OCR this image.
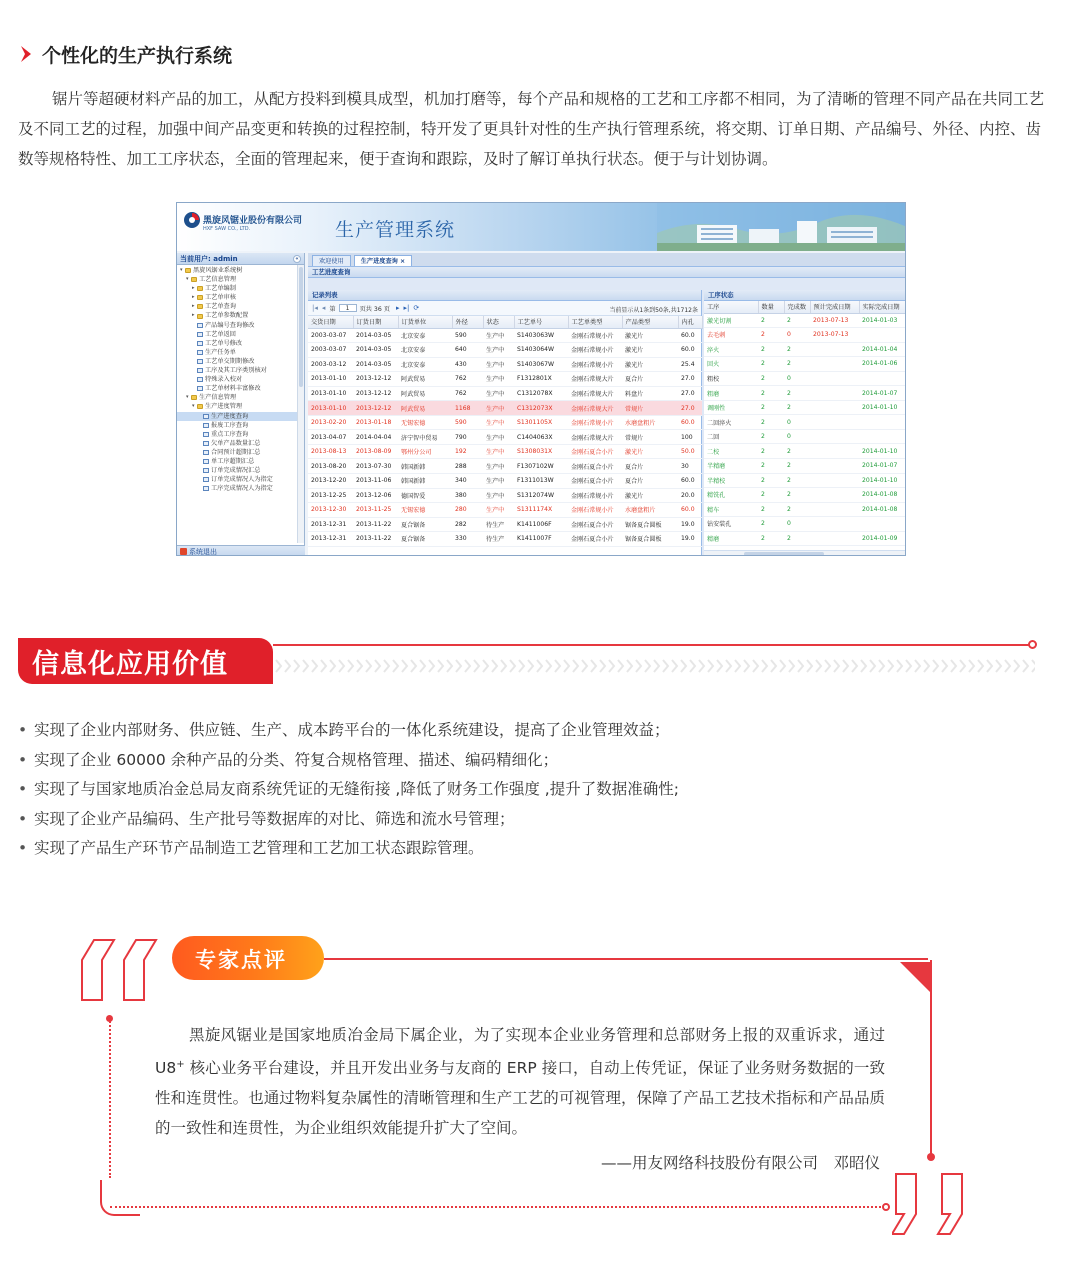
个性化的生产执行系统

锯片等超硬材料产品的加工，从配方投料到模具成型，机加打磨等，每个产品和规格的工艺和工序都不相同，为了清晰的管理不同产品在共同工艺及不同工艺的过程，加强中间产品变更和转换的过程控制，特开发了更具针对性的生产执行管理系统，将交期、订单日期、产品编号、外径、内控、齿数等规格特性、加工工序状态，全面的管理起来，便于查询和跟踪，及时了解订单执行状态。便于与计划协调。

黑旋风锯业股份有限公司
HXF SAW CO., LTD.	生产管理系统
当前用户: admin	«
▾	黑旋风锯业系统树
▾	工艺信息管理
▸	工艺单编制
▸	工艺单审核
▸	工艺单查询
▸	工艺单参数配置
产品编号查询修改
工艺单返回
工艺单号修改
生产任务单
工艺单交期期修改
工序及其工序类别核对
特殊录入校对
工艺单材料丰富修改
▾	生产信息管理
▾	生产进度管理
生产进度查询
报废工序查询
重点工序查询
欠单产品数量汇总
合同预计超期汇总
单工序超期汇总
订单完成情况汇总
订单完成情况人为指定
工序完成情况人为指定
系统退出
欢迎使用	生产进度查询 ×
工艺进度查询
记录列表
|◂ ◂ 第	1	页共 36 页 ▸ ▸| ⟳	当前显示从1条到50条,共1712条
交货日期	订货日期	订货单位	外径	状态	工艺单号	工艺单类型	产品类型	内孔
2003-03-07	2014-03-05	北京安泰	590	生产中	S1403063W	金刚石常规小片	激光片	60.0
2003-03-07	2014-03-05	北京安泰	640	生产中	S1403064W	金刚石常规小片	激光片	60.0
2003-03-12	2014-03-05	北京安泰	430	生产中	S1403067W	金刚石常规小片	激光片	25.4
2013-01-10	2013-12-12	阿武贸易	762	生产中	F1312801X	金刚石常规大片	夏合片	27.0
2013-01-10	2013-12-12	阿武贸易	762	生产中	C1312078X	金刚石常规大片	料盘片	27.0
2013-01-10	2013-12-12	阿武贸易	1168	生产中	C1312073X	金刚石常规大片	常规片	27.0
2013-02-20	2013-01-18	无锡宏德	590	生产中	S1301105X	金刚石常规小片	水磨盘粗片	60.0
2013-04-07	2014-04-04	济宁智中贸易	790	生产中	C1404063X	金刚石常规大片	常规片	100
2013-08-13	2013-08-09	鄂州分公司	192	生产中	S1308031X	金刚石夏合小片	激光片	50.0
2013-08-20	2013-07-30	韩国新韩	288	生产中	F1307102W	金刚石夏合小片	夏合片	30
2013-12-20	2013-11-06	韩国新韩	340	生产中	F1311013W	金刚石夏合小片	夏合片	60.0
2013-12-25	2013-12-06	德国智爱	380	生产中	S1312074W	金刚石常规小片	激光片	20.0
2013-12-30	2013-11-25	无锡宏德	280	生产中	S1311174X	金刚石常规小片	水磨盘粗片	60.0
2013-12-31	2013-11-22	夏合锯备	282	待生产	K1411006F	金刚石夏合小片	锯备夏合圆板	19.0
2013-12-31	2013-11-22	夏合锯备	330	待生产	K1411007F	金刚石夏合小片	锯备夏合圆板	19.0
工序状态
工序	数量	完成数	预计完成日期	实际完成日期
激光切割	2	2	2013-07-13	2014-01-03
去毛刺	2	0	2013-07-13	
淬火	2	2		2014-01-04
回火	2	2		2014-01-06
粗校	2	0		
粗磨	2	2		2014-01-07
调刚性	2	2		2014-01-10
二回淬火	2	0		
二回	2	0		
二校	2	2		2014-01-10
半精磨	2	2		2014-01-07
半精校	2	2		2014-01-10
精铣孔	2	2		2014-01-08
精车	2	2		2014-01-08
钻安装孔	2	0		
精磨	2	2		2014-01-09
信息化应用价值
• 实现了企业内部财务、供应链、生产、成本跨平台的一体化系统建设，提高了企业管理效益；
• 实现了企业 60000 余种产品的分类、符复合规格管理、描述、编码精细化；
• 实现了与国家地质冶金总局友商系统凭证的无缝衔接 ,降低了财务工作强度 ,提升了数据准确性;
• 实现了企业产品编码、生产批号等数据库的对比、筛选和流水号管理；
• 实现了产品生产环节产品制造工艺管理和工艺加工状态跟踪管理。
专家点评

黑旋风锯业是国家地质冶金局下属企业，为了实现本企业业务管理和总部财务上报的双重诉求，通过 U8+ 核心业务平台建设，并且开发出业务与友商的 ERP 接口，自动上传凭证，保证了业务财务数据的一致性和连贯性。也通过物料复杂属性的清晰管理和生产工艺的可视管理，保障了产品工艺技术指标和产品品质的一致性和连贯性，为企业组织效能提升扩大了空间。

——用友网络科技股份有限公司　邓昭仪
